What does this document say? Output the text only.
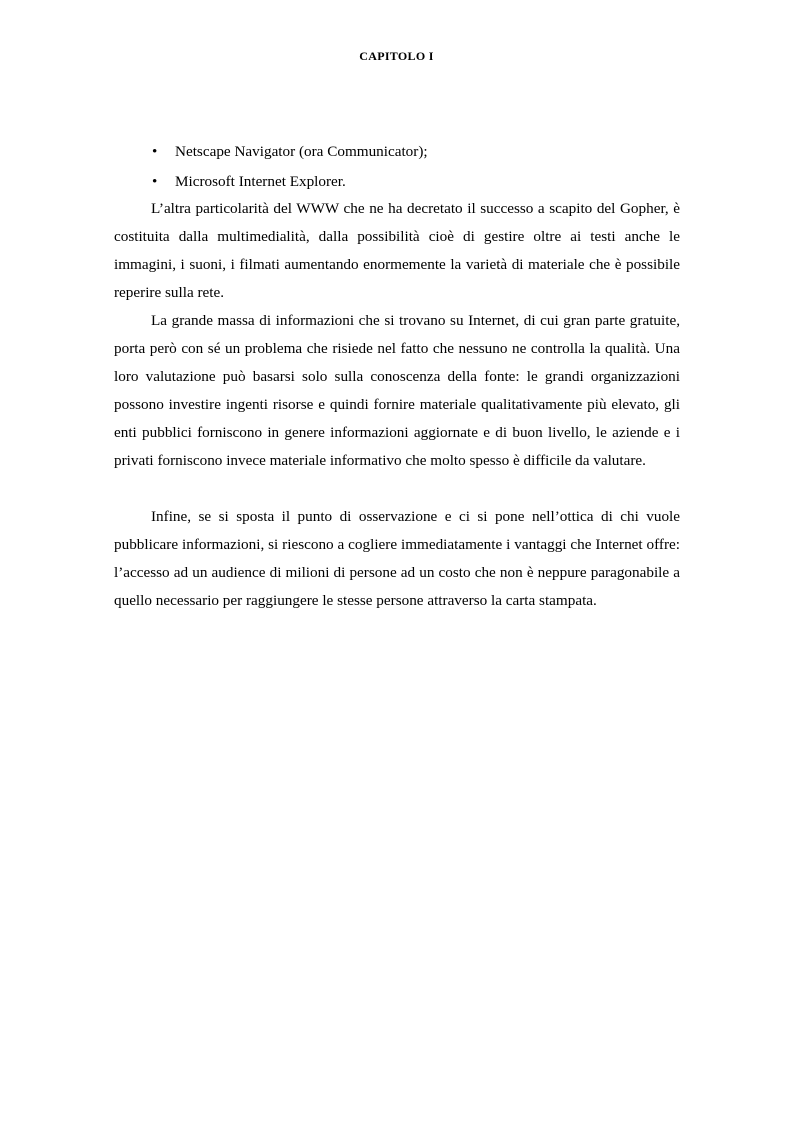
CAPITOLO I
• Netscape Navigator (ora Communicator);
• Microsoft Internet Explorer.

L’altra particolarità del WWW che ne ha decretato il successo a scapito del Gopher, è costituita dalla multimedialità, dalla possibilità cioè di gestire oltre ai testi anche le immagini, i suoni, i filmati aumentando enormemente la varietà di materiale che è possibile reperire sulla rete.

La grande massa di informazioni che si trovano su Internet, di cui gran parte gratuite, porta però con sé un problema che risiede nel fatto che nessuno ne controlla la qualità. Una loro valutazione può basarsi solo sulla conoscenza della fonte: le grandi organizzazioni possono investire ingenti risorse e quindi fornire materiale qualitativamente più elevato, gli enti pubblici forniscono in genere informazioni aggiornate e di buon livello, le aziende e i privati forniscono invece materiale informativo che molto spesso è difficile da valutare.

Infine, se si sposta il punto di osservazione e ci si pone nell’ottica di chi vuole pubblicare informazioni, si riescono a cogliere immediatamente i vantaggi che Internet offre: l’accesso ad un audience di milioni di persone ad un costo che non è neppure paragonabile a quello necessario per raggiungere le stesse persone attraverso la carta stampata.
